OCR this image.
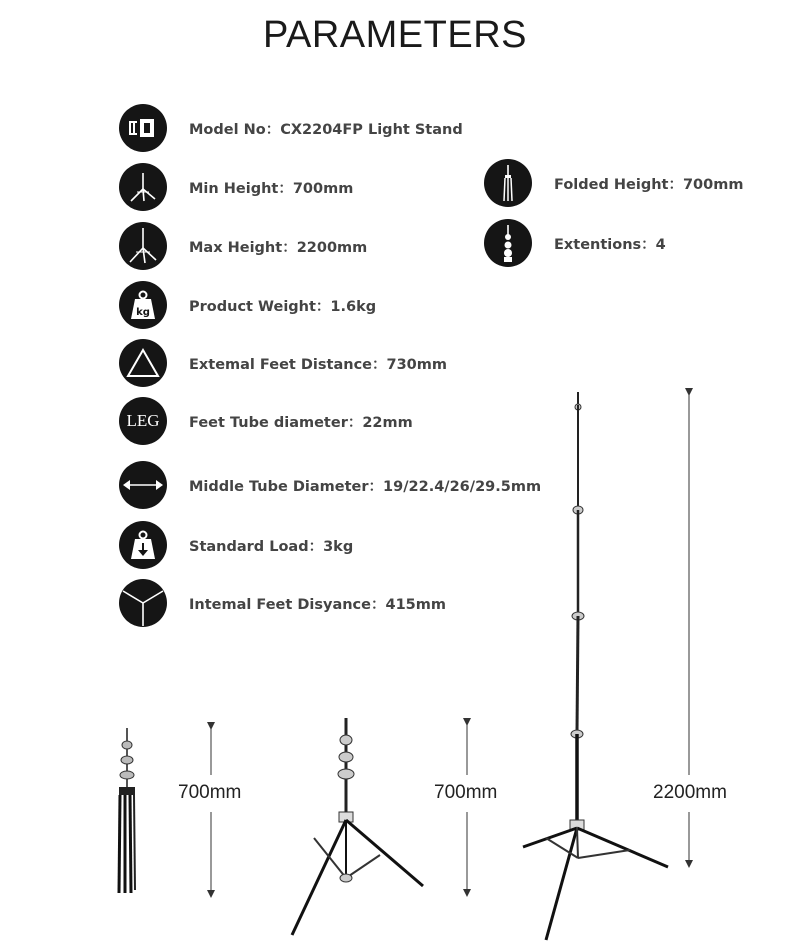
PARAMETERS
Model No：CX2204FP Light Stand
Min Height：700mm
Max Height：2200mm
kg	Product Weight：1.6kg
Extemal Feet Distance：730mm
LEG Feet Tube diameter：22mm
Middle Tube Diameter：19/22.4/26/29.5mm
Standard Load：3kg
Intemal Feet Disyance：415mm
Folded Height：700mm
Extentions：4
700mm	700mm	2200mm
